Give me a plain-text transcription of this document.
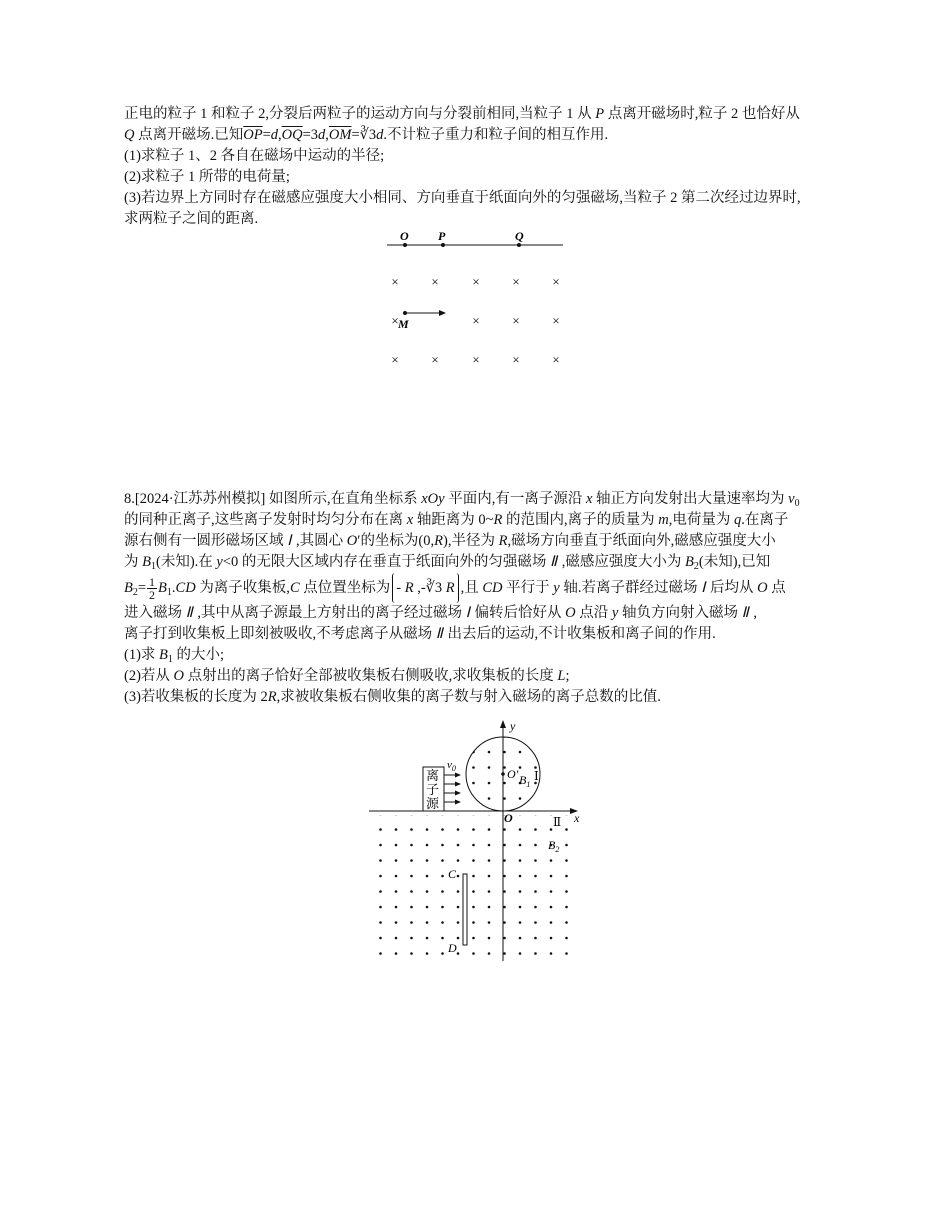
正电的粒子 1 和粒子 2,分裂后两粒子的运动方向与分裂前相同,当粒子 1 从 P 点离开磁场时,粒子 2 也恰好从
Q 点离开磁场.已知$\overline{OP}=d,\overline{OQ}=3d,\overline{OM}=∛3d$.不计粒子重力和粒子间的相互作用.
(1)求粒子 1、2 各自在磁场中运动的半径;
(2)求粒子 1 所带的电荷量;
(3)若边界上方同时存在磁感应强度大小相同、方向垂直于纸面向外的匀强磁场,当粒子 2 第二次经过边界时,
求两粒子之间的距离.
O P	Q
×	×	×	×	×
×	×	×	×
×	×	×	×	×
M
8.[2024·江苏苏州模拟] 如图所示,在直角坐标系 xOy 平面内,有一离子源沿 x 轴正方向发射出大量速率均为 $v_0$
的同种正离子,这些离子发射时均匀分布在离 x 轴距离为 0~R 的范围内,离子的质量为 m,电荷量为 q.在离子
源右侧有一圆形磁场区域 Ⅰ ,其圆心 O′的坐标为(0,R),半径为 R,磁场方向垂直于纸面向外,磁感应强度大小
为 $B_1$(未知).在 y<0 的无限大区域内存在垂直于纸面向外的匀强磁场 Ⅱ ,磁感应强度大小为 $B_2$(未知),已知
$B_2= \frac{1}{2} B_1.CD$ 为离子收集板,C 点位置坐标为 - R ,-∛3 R ,且 CD 平行于 y 轴.若离子群经过磁场 Ⅰ 后均从 O 点
进入磁场 Ⅱ ,其中从离子源最上方射出的离子经过磁场 Ⅰ 偏转后恰好从 O 点沿 y 轴负方向射入磁场 Ⅱ ,
离子打到收集板上即刻被吸收,不考虑离子从磁场 Ⅱ 出去后的运动,不计收集板和离子间的作用.
(1)求 $B_1$ 的大小;
(2)若从 O 点射出的离子恰好全部被收集板右侧吸收,求收集板的长度 L;
(3)若收集板的长度为 2R,求被收集板右侧收集的离子数与射入磁场的离子总数的比值.
x
y
O′ $B_1$
Ⅰ
O	Ⅱ
$B_2$
C
D
离
子
源
$v_0$
